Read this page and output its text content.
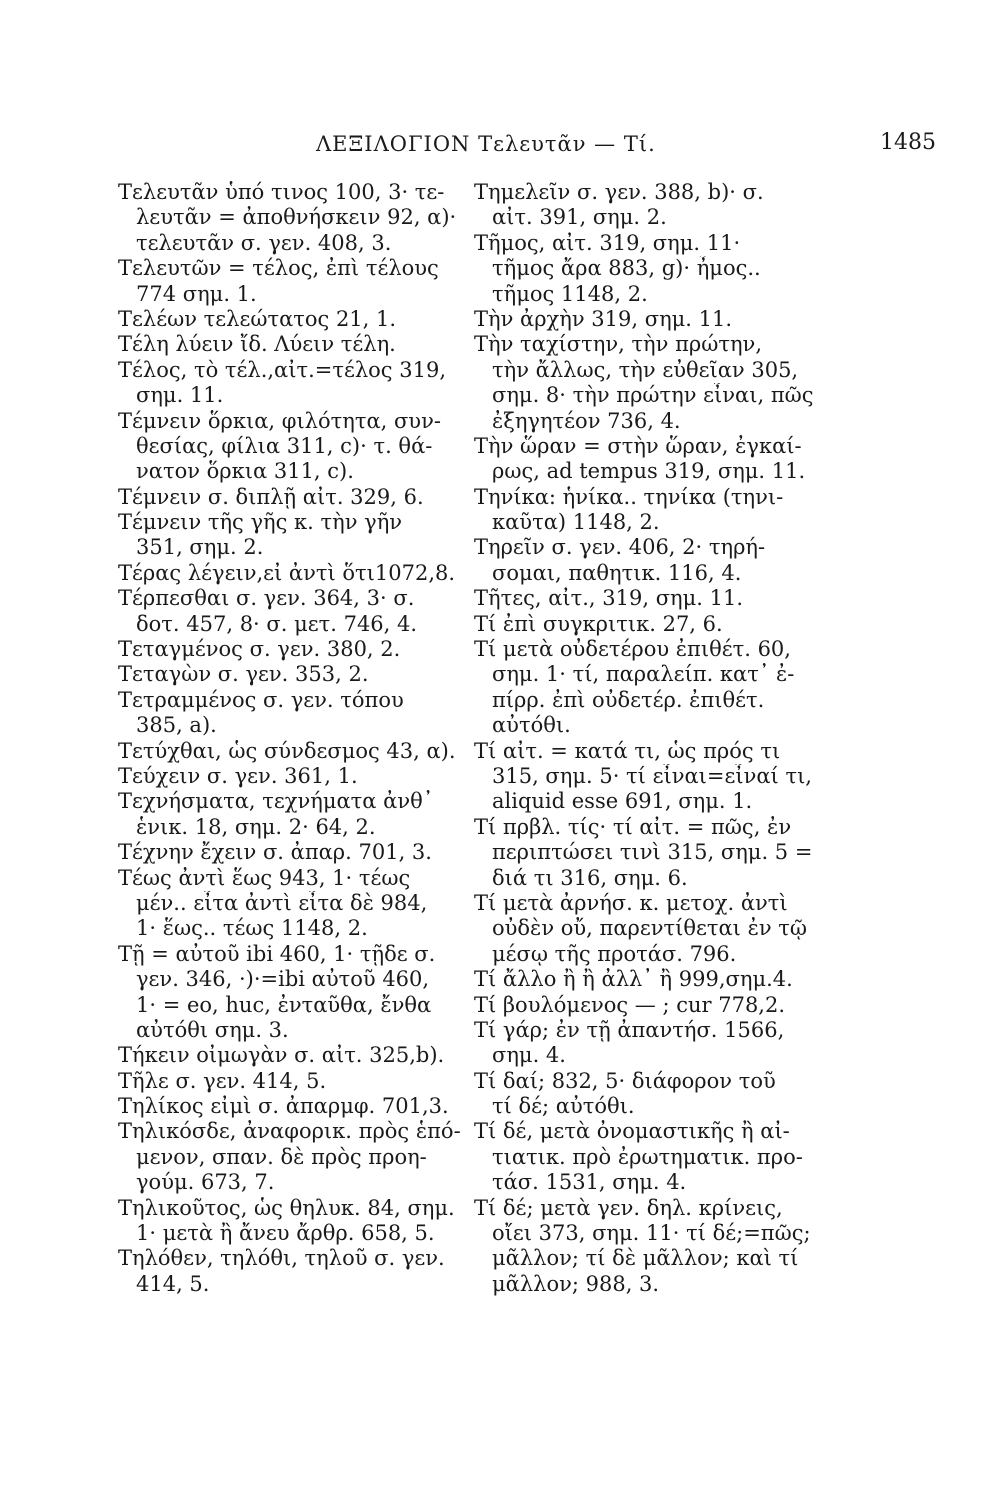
ΛΕΞΙΛΟΓΙΟΝ Τελευτᾶν — Τί.	1485
Τελευτᾶν ὑπό τινος 100, 3· τε-
λευτᾶν = ἀποθνήσκειν 92, α)·
τελευτᾶν σ. γεν. 408, 3.
Τελευτῶν = τέλος, ἐπὶ τέλους
774 σημ. 1.
Τελέων τελεώτατος 21, 1.
Τέλη λύειν ἴδ. Λύειν τέλη.
Τέλος, τὸ τέλ.,αἰτ.=τέλος 319,
σημ. 11.
Τέμνειν ὅρκια, φιλότητα, συν-
θεσίας, φίλια 311, c)· τ. θά-
νατον ὅρκια 311, c).
Τέμνειν σ. διπλῇ αἰτ. 329, 6.
Τέμνειν τῆς γῆς κ. τὴν γῆν
351, σημ. 2.
Τέρας λέγειν,εἰ ἀντὶ ὅτι1072,8.
Τέρπεσθαι σ. γεν. 364, 3· σ.
δοτ. 457, 8· σ. μετ. 746, 4.
Τεταγμένος σ. γεν. 380, 2.
Τεταγὼν σ. γεν. 353, 2.
Τετραμμένος σ. γεν. τόπου
385, a).
Τετύχθαι, ὡς σύνδεσμος 43, α).
Τεύχειν σ. γεν. 361, 1.
Τεχνήσματα, τεχνήματα ἀνθ᾽
ἑνικ. 18, σημ. 2· 64, 2.
Τέχνην ἔχειν σ. ἀπαρ. 701, 3.
Τέως ἀντὶ ἕως 943, 1· τέως
μέν.. εἶτα ἀντὶ εἶτα δὲ 984,
1· ἕως.. τέως 1148, 2.
Τῇ = αὐτοῦ ibi 460, 1· τῇδε σ.
γεν. 346, ·)·=ibi αὐτοῦ 460,
1· = eo, huc, ἐνταῦθα, ἔνθα
αὐτόθι σημ. 3.
Τήκειν οἰμωγὰν σ. αἰτ. 325,b).
Τῆλε σ. γεν. 414, 5.
Τηλίκος εἰμὶ σ. ἀπαρμφ. 701,3.
Τηλικόσδε, ἀναφορικ. πρὸς ἑπό-
μενον, σπαν. δὲ πρὸς προη-
γούμ. 673, 7.
Τηλικοῦτος, ὡς θηλυκ. 84, σημ.
1· μετὰ ἢ ἄνευ ἄρθρ. 658, 5.
Τηλόθεν, τηλόθι, τηλοῦ σ. γεν.
414, 5.
Τημελεῖν σ. γεν. 388, b)· σ.
αἰτ. 391, σημ. 2.
Τῆμος, αἰτ. 319, σημ. 11·
τῆμος ἄρα 883, g)· ἦμος..
τῆμος 1148, 2.
Τὴν ἀρχὴν 319, σημ. 11.
Τὴν ταχίστην, τὴν πρώτην,
τὴν ἄλλως, τὴν εὐθεῖαν 305,
σημ. 8· τὴν πρώτην εἶναι, πῶς
ἐξηγητέον 736, 4.
Τὴν ὥραν = στὴν ὥραν, ἐγκαί-
ρως, ad tempus 319, σημ. 11.
Τηνίκα: ἡνίκα.. τηνίκα (τηνι-
καῦτα) 1148, 2.
Τηρεῖν σ. γεν. 406, 2· τηρή-
σομαι, παθητικ. 116, 4.
Τῆτες, αἰτ., 319, σημ. 11.
Τί ἐπὶ συγκριτικ. 27, 6.
Τί μετὰ οὐδετέρου ἐπιθέτ. 60,
σημ. 1· τί, παραλείπ. κατ᾽ ἐ-
πίρρ. ἐπὶ οὐδετέρ. ἐπιθέτ.
αὐτόθι.
Τί αἰτ. = κατά τι, ὡς πρός τι
315, σημ. 5· τί εἶναι=εἶναί τι,
aliquid esse 691, σημ. 1.
Τί πρβλ. τίς· τί αἰτ. = πῶς, ἐν
περιπτώσει τινὶ 315, σημ. 5 =
διά τι 316, σημ. 6.
Τί μετὰ ἀρνήσ. κ. μετοχ. ἀντὶ
οὐδὲν οὔ, παρεντίθεται ἐν τῷ
μέσῳ τῆς προτάσ. 796.
Τί ἄλλο ἢ ἢ ἀλλ᾽ ἢ 999,σημ.4.
Τί βουλόμενος — ; cur 778,2.
Τί γάρ; ἐν τῇ ἀπαντήσ. 1566,
σημ. 4.
Τί δαί; 832, 5· διάφορον τοῦ
τί δέ; αὐτόθι.
Τί δέ, μετὰ ὀνομαστικῆς ἢ αἰ-
τιατικ. πρὸ ἐρωτηματικ. προ-
τάσ. 1531, σημ. 4.
Τί δέ; μετὰ γεν. δηλ. κρίνεις,
οἴει 373, σημ. 11· τί δέ;=πῶς;
μᾶλλον; τί δὲ μᾶλλον; καὶ τί
μᾶλλον; 988, 3.
